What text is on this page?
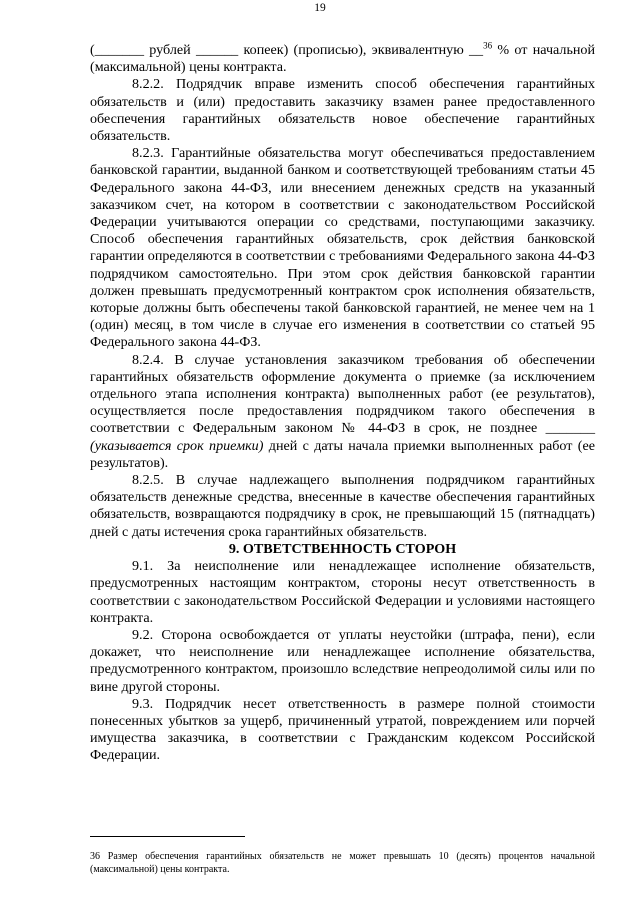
19

(_______ рублей ______ копеек) (прописью), эквивалентную __$^{36}$ % от начальной (максимальной) цены контракта.

8.2.2. Подрядчик вправе изменить способ обеспечения гарантийных обязательств и (или) предоставить заказчику взамен ранее предоставленного обеспечения гарантийных обязательств новое обеспечение гарантийных обязательств.

8.2.3. Гарантийные обязательства могут обеспечиваться предоставлением банковской гарантии, выданной банком и соответствующей требованиям статьи 45 Федерального закона 44-ФЗ, или внесением денежных средств на указанный заказчиком счет, на котором в соответствии с законодательством Российской Федерации учитываются операции со средствами, поступающими заказчику. Способ обеспечения гарантийных обязательств, срок действия банковской гарантии определяются в соответствии с требованиями Федерального закона 44-ФЗ подрядчиком самостоятельно. При этом срок действия банковской гарантии должен превышать предусмотренный контрактом срок исполнения обязательств, которые должны быть обеспечены такой банковской гарантией, не менее чем на 1 (один) месяц, в том числе в случае его изменения в соответствии со статьей 95 Федерального закона 44-ФЗ.

8.2.4. В случае установления заказчиком требования об обеспечении гарантийных обязательств оформление документа о приемке (за исключением отдельного этапа исполнения контракта) выполненных работ (ее результатов), осуществляется после предоставления подрядчиком такого обеспечения в соответствии с Федеральным законом № 44-ФЗ в срок, не позднее _______ (указывается срок приемки) дней с даты начала приемки выполненных работ (ее результатов).

8.2.5. В случае надлежащего выполнения подрядчиком гарантийных обязательств денежные средства, внесенные в качестве обеспечения гарантийных обязательств, возвращаются подрядчику в срок, не превышающий 15 (пятнадцать) дней с даты истечения срока гарантийных обязательств.

9. ОТВЕТСТВЕННОСТЬ СТОРОН

9.1. За неисполнение или ненадлежащее исполнение обязательств, предусмотренных настоящим контрактом, стороны несут ответственность в соответствии с законодательством Российской Федерации и условиями настоящего контракта.

9.2. Сторона освобождается от уплаты неустойки (штрафа, пени), если докажет, что неисполнение или ненадлежащее исполнение обязательства, предусмотренного контрактом, произошло вследствие непреодолимой силы или по вине другой стороны.

9.3. Подрядчик несет ответственность в размере полной стоимости понесенных убытков за ущерб, причиненный утратой, повреждением или порчей имущества заказчика, в соответствии с Гражданским кодексом Российской Федерации.

36 Размер обеспечения гарантийных обязательств не может превышать 10 (десять) процентов начальной (максимальной) цены контракта.
